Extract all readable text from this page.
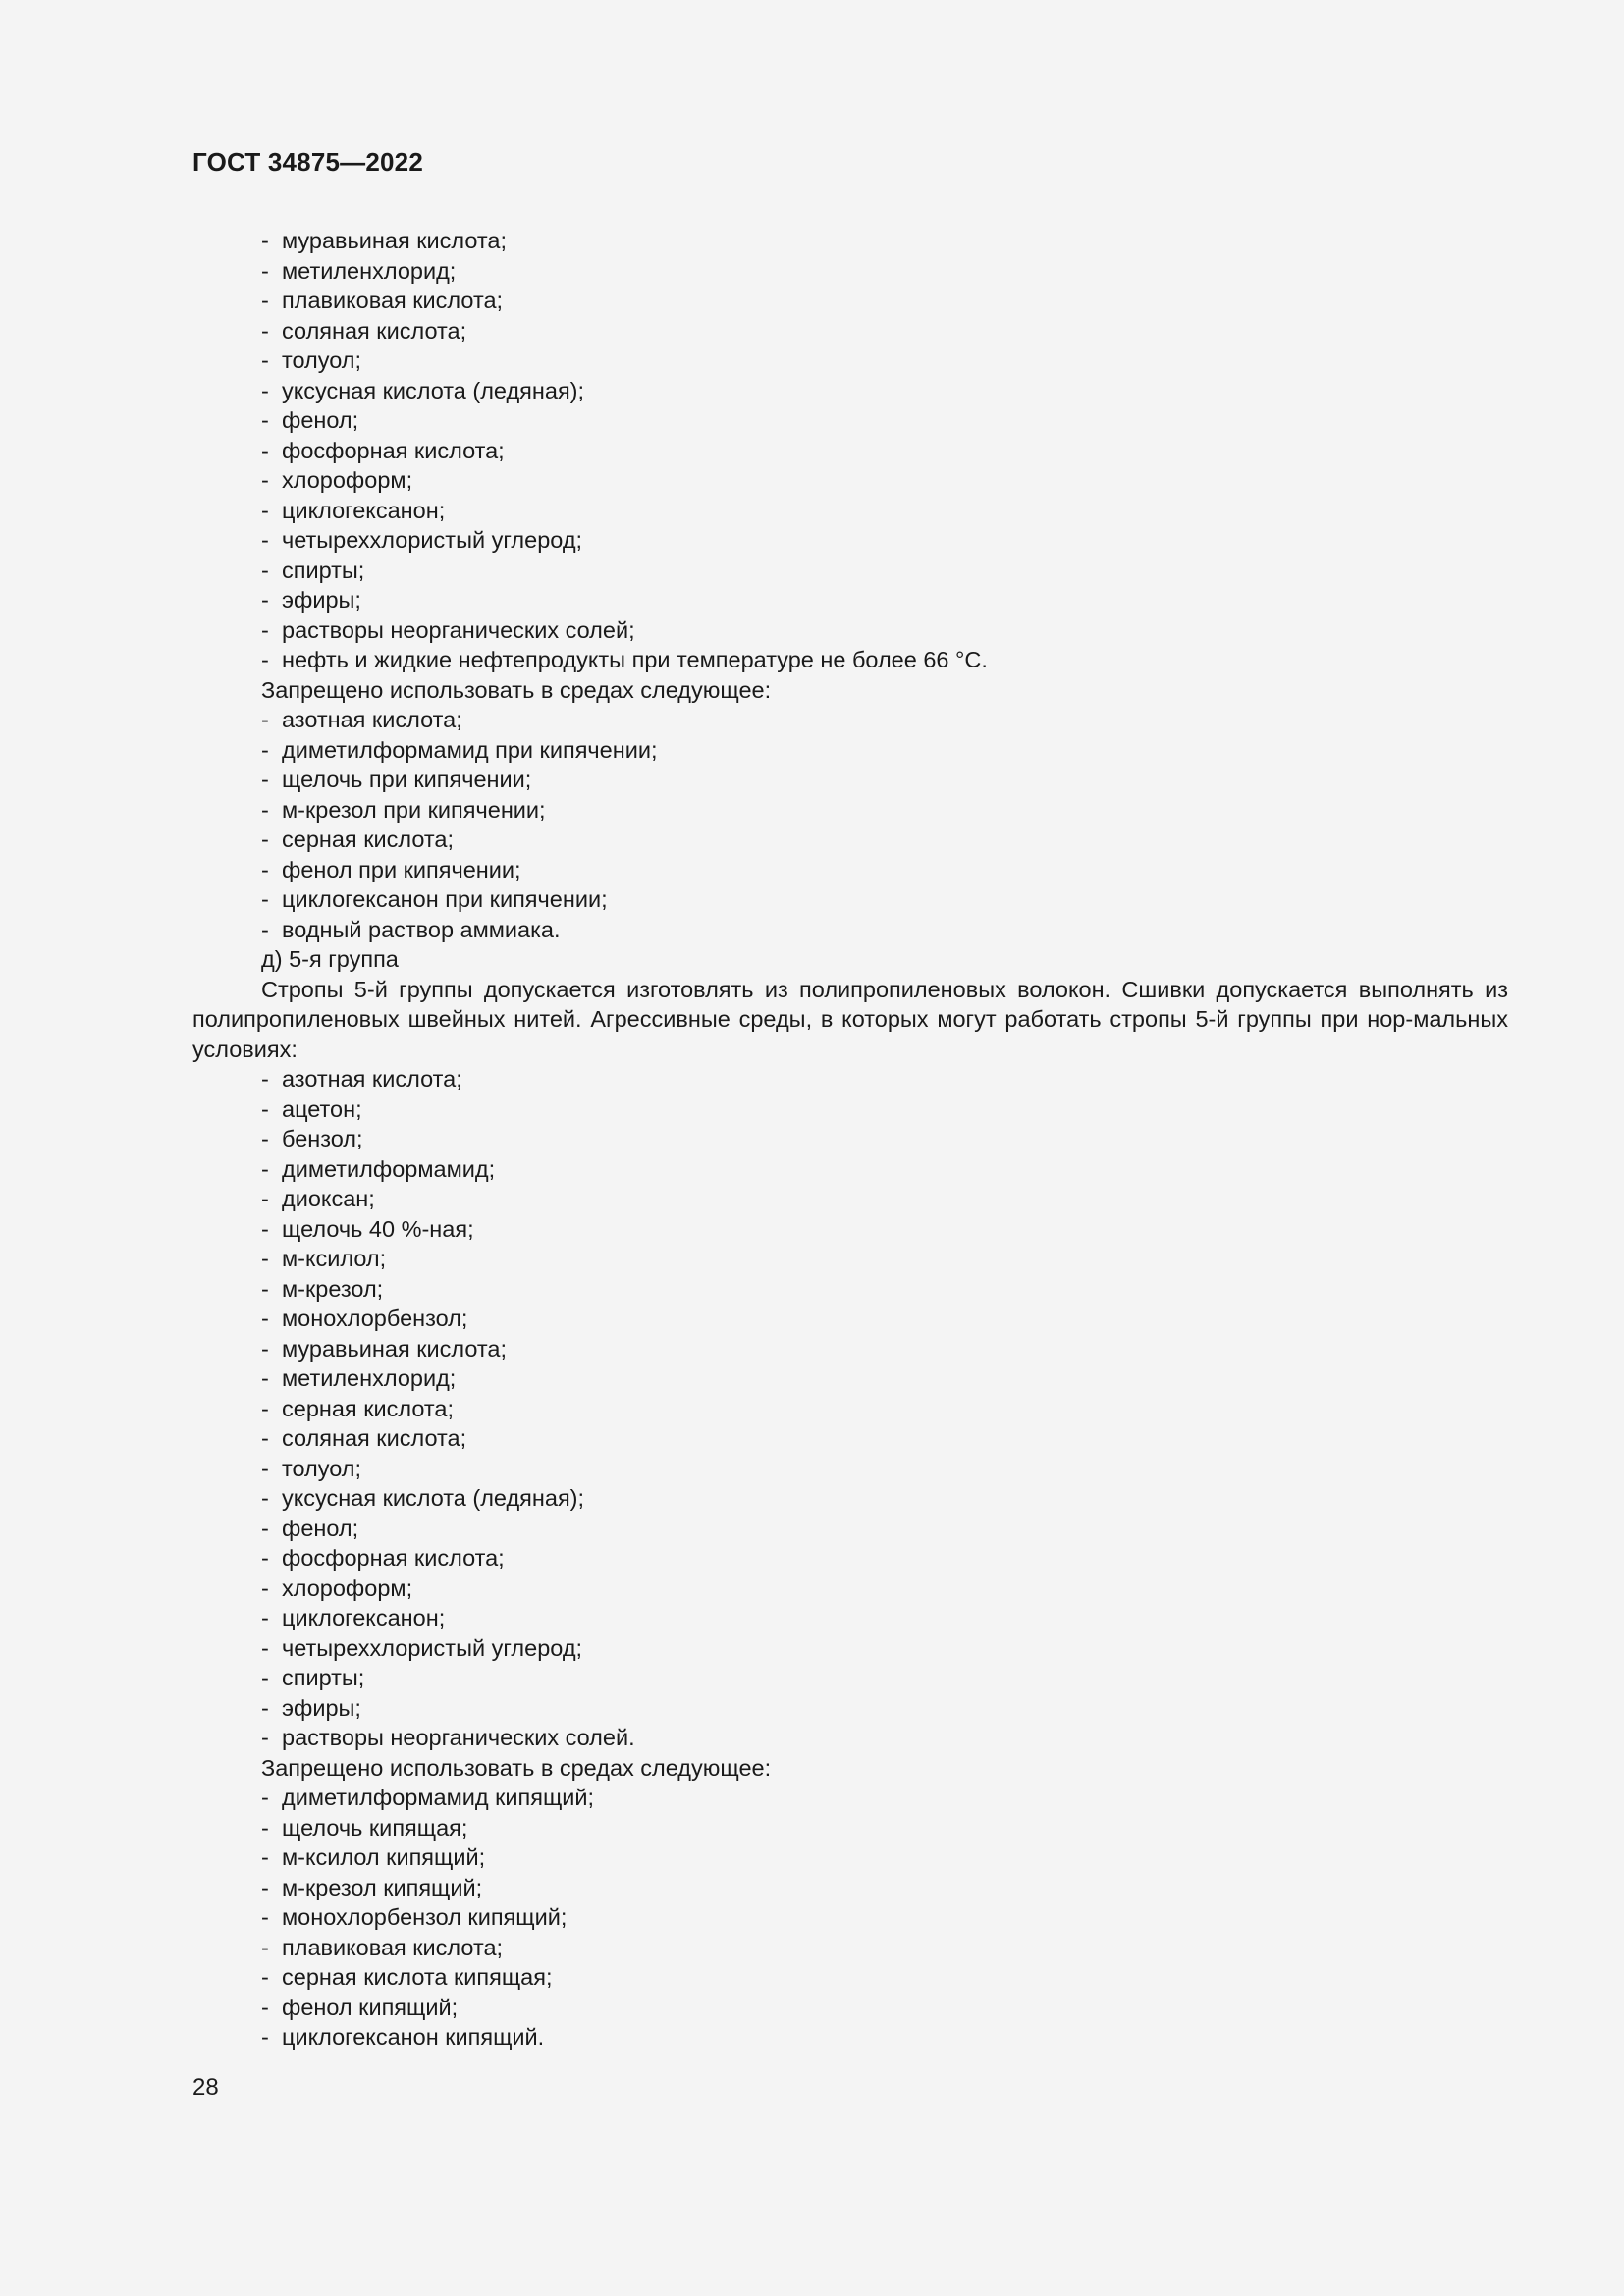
ГОСТ 34875—2022
- муравьиная кислота;
- метиленхлорид;
- плавиковая кислота;
- соляная кислота;
- толуол;
- уксусная кислота (ледяная);
- фенол;
- фосфорная кислота;
- хлороформ;
- циклогексанон;
- четыреххлористый углерод;
- спирты;
- эфиры;
- растворы неорганических солей;
- нефть и жидкие нефтепродукты при температуре не более 66 °С.
Запрещено использовать в средах следующее:
- азотная кислота;
- диметилформамид при кипячении;
- щелочь при кипячении;
- м-крезол при кипячении;
- серная кислота;
- фенол при кипячении;
- циклогексанон при кипячении;
- водный раствор аммиака.
д) 5-я группа

Стропы 5-й группы допускается изготовлять из полипропиленовых волокон. Сшивки допускается выполнять из полипропиленовых швейных нитей. Агрессивные среды, в которых могут работать стропы 5-й группы при нор-мальных условиях:

- азотная кислота;
- ацетон;
- бензол;
- диметилформамид;
- диоксан;
- щелочь 40 %-ная;
- м-ксилол;
- м-крезол;
- монохлорбензол;
- муравьиная кислота;
- метиленхлорид;
- серная кислота;
- соляная кислота;
- толуол;
- уксусная кислота (ледяная);
- фенол;
- фосфорная кислота;
- хлороформ;
- циклогексанон;
- четыреххлористый углерод;
- спирты;
- эфиры;
- растворы неорганических солей.
Запрещено использовать в средах следующее:
- диметилформамид кипящий;
- щелочь кипящая;
- м-ксилол кипящий;
- м-крезол кипящий;
- монохлорбензол кипящий;
- плавиковая кислота;
- серная кислота кипящая;
- фенол кипящий;
- циклогексанон кипящий.
28
